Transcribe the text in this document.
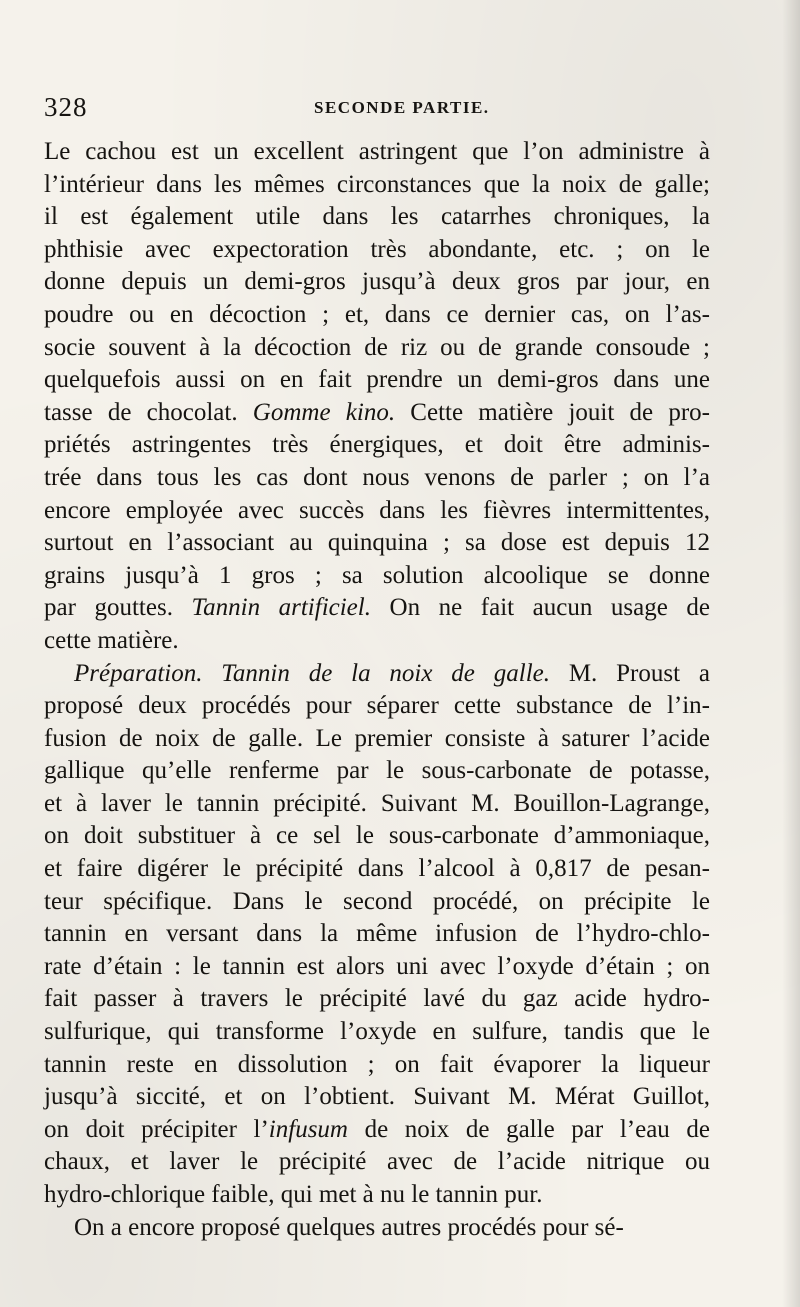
328	SECONDE PARTIE.
Le cachou est un excellent astringent que l’on administre à
l’intérieur dans les mêmes circonstances que la noix de galle;
il est également utile dans les catarrhes chroniques, la
phthisie avec expectoration très abondante, etc. ; on le
donne depuis un demi-gros jusqu’à deux gros par jour, en
poudre ou en décoction ; et, dans ce dernier cas, on l’as-
socie souvent à la décoction de riz ou de grande consoude ;
quelquefois aussi on en fait prendre un demi-gros dans une
tasse de chocolat. Gomme kino. Cette matière jouit de pro-
priétés astringentes très énergiques, et doit être adminis-
trée dans tous les cas dont nous venons de parler ; on l’a
encore employée avec succès dans les fièvres intermittentes,
surtout en l’associant au quinquina ; sa dose est depuis 12
grains jusqu’à 1 gros ; sa solution alcoolique se donne
par gouttes. Tannin artificiel. On ne fait aucun usage de
cette matière.
Préparation. Tannin de la noix de galle. M. Proust a
proposé deux procédés pour séparer cette substance de l’in-
fusion de noix de galle. Le premier consiste à saturer l’acide
gallique qu’elle renferme par le sous-carbonate de potasse,
et à laver le tannin précipité. Suivant M. Bouillon-Lagrange,
on doit substituer à ce sel le sous-carbonate d’ammoniaque,
et faire digérer le précipité dans l’alcool à 0,817 de pesan-
teur spécifique. Dans le second procédé, on précipite le
tannin en versant dans la même infusion de l’hydro-chlo-
rate d’étain : le tannin est alors uni avec l’oxyde d’étain ; on
fait passer à travers le précipité lavé du gaz acide hydro-
sulfurique, qui transforme l’oxyde en sulfure, tandis que le
tannin reste en dissolution ; on fait évaporer la liqueur
jusqu’à siccité, et on l’obtient. Suivant M. Mérat Guillot,
on doit précipiter l’infusum de noix de galle par l’eau de
chaux, et laver le précipité avec de l’acide nitrique ou
hydro-chlorique faible, qui met à nu le tannin pur.
On a encore proposé quelques autres procédés pour sé-
